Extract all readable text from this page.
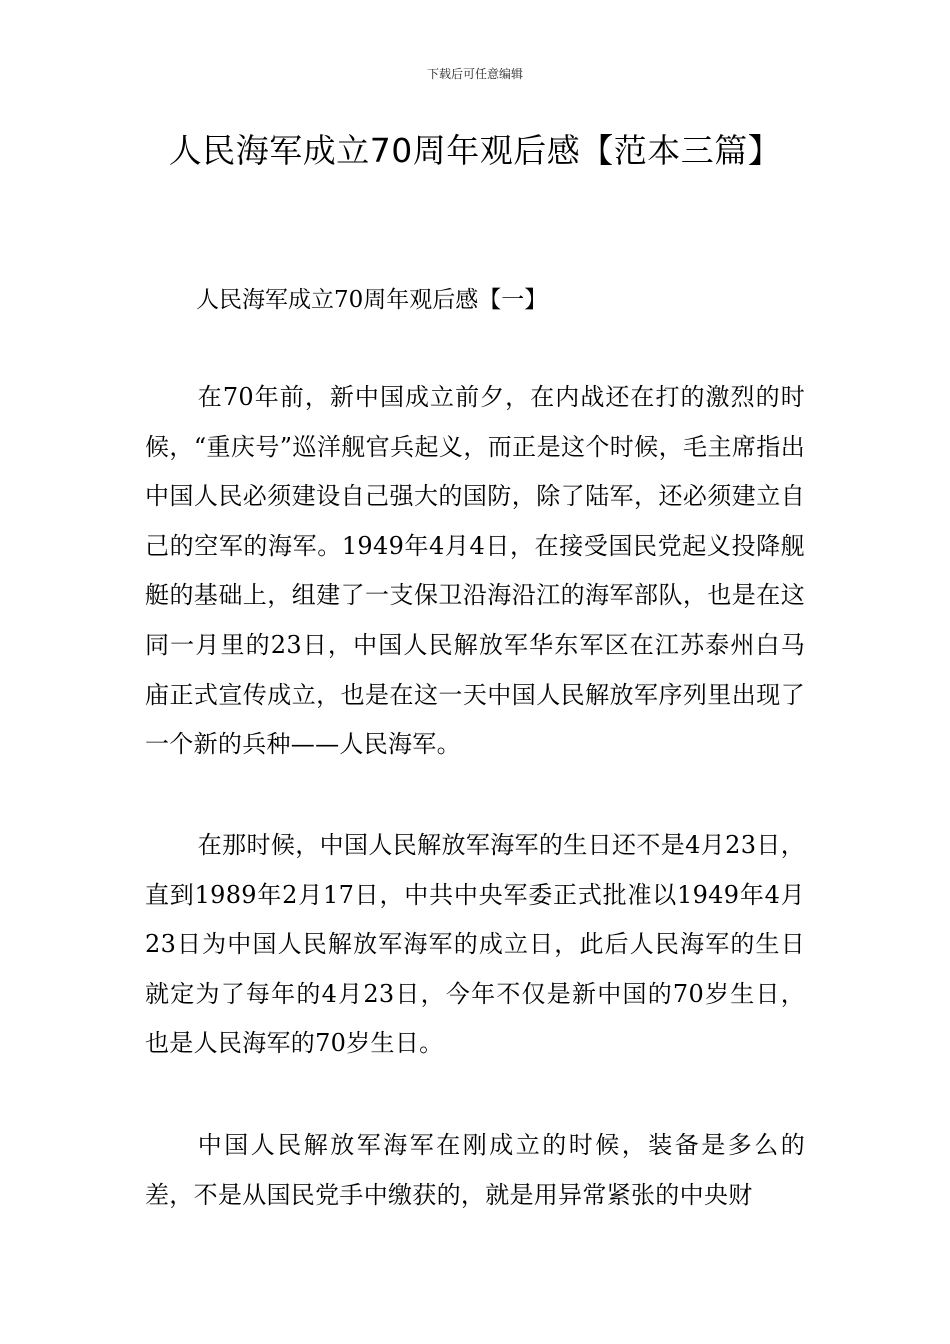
下载后可任意编辑
人民海军成立70周年观后感【范本三篇】
人民海军成立70周年观后感【一】

在70年前，新中国成立前夕，在内战还在打的激烈的时候，“重庆号”巡洋舰官兵起义，而正是这个时候，毛主席指出中国人民必须建设自己强大的国防，除了陆军，还必须建立自己的空军的海军。1949年4月4日，在接受国民党起义投降舰艇的基础上，组建了一支保卫沿海沿江的海军部队，也是在这同一月里的23日，中国人民解放军华东军区在江苏泰州白马庙正式宣传成立，也是在这一天中国人民解放军序列里出现了一个新的兵种——人民海军。

在那时候，中国人民解放军海军的生日还不是4月23日，直到1989年2月17日，中共中央军委正式批准以1949年4月23日为中国人民解放军海军的成立日，此后人民海军的生日就定为了每年的4月23日，今年不仅是新中国的70岁生日，也是人民海军的70岁生日。

中国人民解放军海军在刚成立的时候，装备是多么的差，不是从国民党手中缴获的，就是用异常紧张的中央财
